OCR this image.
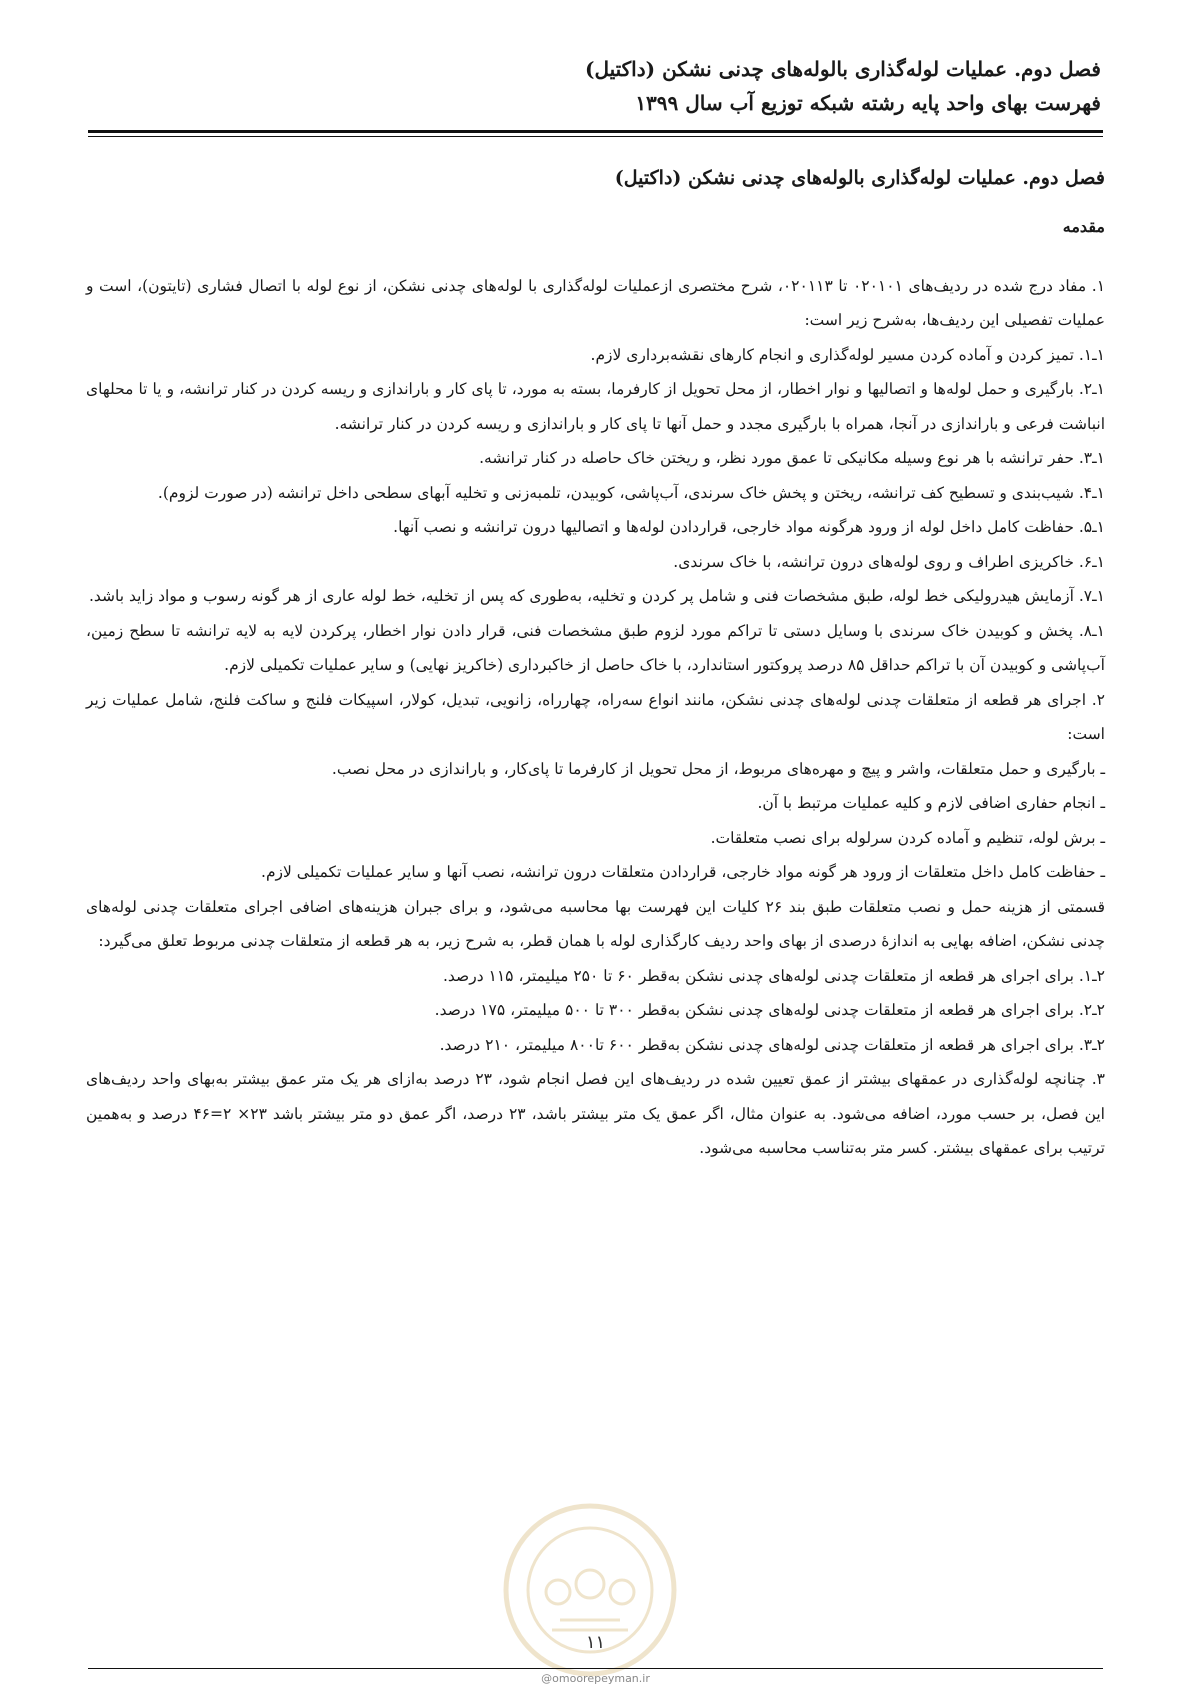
فصل دوم. عملیات لوله‌گذاری بالوله‌های چدنی نشکن (داکتیل)
فهرست بهای واحد پایه رشته شبکه توزیع آب سال ۱۳۹۹

فصل دوم. عملیات لوله‌گذاری بالوله‌های چدنی نشکن (داکتیل)

مقدمه

۱. مفاد درج شده در ردیف‌های ۰۲۰۱۰۱ تا ۰۲۰۱۱۳، شرح مختصری ازعملیات لوله‌گذاری با لوله‌های چدنی نشکن، از نوع لوله با اتصال فشاری (تایتون)، است و عملیات تفصیلی این ردیف‌ها، به‌شرح زیر است:

۱ـ۱. تمیز کردن و آماده کردن مسیر لوله‌گذاری و انجام کارهای نقشه‌برداری لازم.

۱ـ۲. بارگیری و حمل لوله‌ها و اتصالیها و نوار اخطار، از محل تحویل از کارفرما، بسته به مورد، تا پای کار و باراندازی و ریسه کردن در کنار ترانشه، و یا تا محلهای انباشت فرعی و باراندازی در آنجا، همراه با بارگیری مجدد و حمل آنها تا پای کار و باراندازی و ریسه کردن در کنار ترانشه.

۱ـ۳. حفر ترانشه با هر نوع وسیله مکانیکی تا عمق مورد نظر، و ریختن خاک حاصله در کنار ترانشه.

۱ـ۴. شیب‌بندی و تسطیح کف ترانشه، ریختن و پخش خاک سرندی، آب‌پاشی، کوبیدن، تلمبه‌زنی و تخلیه آبهای سطحی داخل ترانشه (در صورت لزوم).

۱ـ۵. حفاظت کامل داخل لوله از ورود هرگونه مواد خارجی، قراردادن لوله‌ها و اتصالیها درون ترانشه و نصب آنها.

۱ـ۶. خاکریزی اطراف و روی لوله‌های درون ترانشه، با خاک سرندی.

۱ـ۷. آزمایش هیدرولیکی خط لوله، طبق مشخصات فنی و شامل پر کردن و تخلیه، به‌طوری که پس از تخلیه، خط لوله عاری از هر گونه رسوب و مواد زاید باشد.

۱ـ۸. پخش و کوبیدن خاک سرندی با وسایل دستی تا تراکم مورد لزوم طبق مشخصات فنی، قرار دادن نوار اخطار، پرکردن لایه به لایه ترانشه تا سطح زمین، آب‌پاشی و کوبیدن آن با تراکم حداقل ۸۵ درصد پروکتور استاندارد، با خاک حاصل از خاکبرداری (خاکریز نهایی) و سایر عملیات تکمیلی لازم.

۲. اجرای هر قطعه از متعلقات چدنی لوله‌های چدنی نشکن، مانند انواع سه‌راه، چهارراه، زانویی، تبدیل، کولار، اسپیکات فلنج و ساکت فلنج، شامل عملیات زیر است:

ـ بارگیری و حمل متعلقات، واشر و پیچ و مهره‌های مربوط، از محل تحویل از کارفرما تا پای‌کار، و باراندازی در محل نصب.

ـ انجام حفاری اضافی لازم و کلیه عملیات مرتبط با آن.

ـ برش لوله، تنظیم و آماده کردن سرلوله برای نصب متعلقات.

ـ حفاظت کامل داخل متعلقات از ورود هر گونه مواد خارجی، قراردادن متعلقات درون ترانشه، نصب آنها و سایر عملیات تکمیلی لازم.

قسمتی از هزینه حمل و نصب متعلقات طبق بند ۲۶ کلیات این فهرست بها محاسبه می‌شود، و برای جبران هزینه‌های اضافی اجرای متعلقات چدنی لوله‌های چدنی نشکن، اضافه بهایی به اندازهٔ درصدی از بهای واحد ردیف کارگذاری لوله با همان قطر، به شرح زیر، به هر قطعه از متعلقات چدنی مربوط تعلق می‌گیرد:

۲ـ۱. برای اجرای هر قطعه از متعلقات چدنی لوله‌های چدنی نشکن به‌قطر ۶۰ تا ۲۵۰ میلیمتر، ۱۱۵ درصد.

۲ـ۲. برای اجرای هر قطعه از متعلقات چدنی لوله‌های چدنی نشکن به‌قطر ۳۰۰ تا ۵۰۰ میلیمتر، ۱۷۵ درصد.

۲ـ۳. برای اجرای هر قطعه از متعلقات چدنی لوله‌های چدنی نشکن به‌قطر ۶۰۰ تا۸۰۰ میلیمتر، ۲۱۰ درصد.

۳. چنانچه لوله‌گذاری در عمقهای بیشتر از عمق تعیین شده در ردیف‌های این فصل انجام شود، ۲۳ درصد به‌ازای هر یک متر عمق بیشتر به‌بهای واحد ردیف‌های این فصل، بر حسب مورد، اضافه می‌شود. به عنوان مثال، اگر عمق یک متر بیشتر باشد، ۲۳ درصد، اگر عمق دو متر بیشتر باشد ۲۳× ۲=۴۶ درصد و به‌همین ترتیب برای عمقهای بیشتر. کسر متر به‌تناسب محاسبه می‌شود.

۱۱
@omoorepeyman.ir
